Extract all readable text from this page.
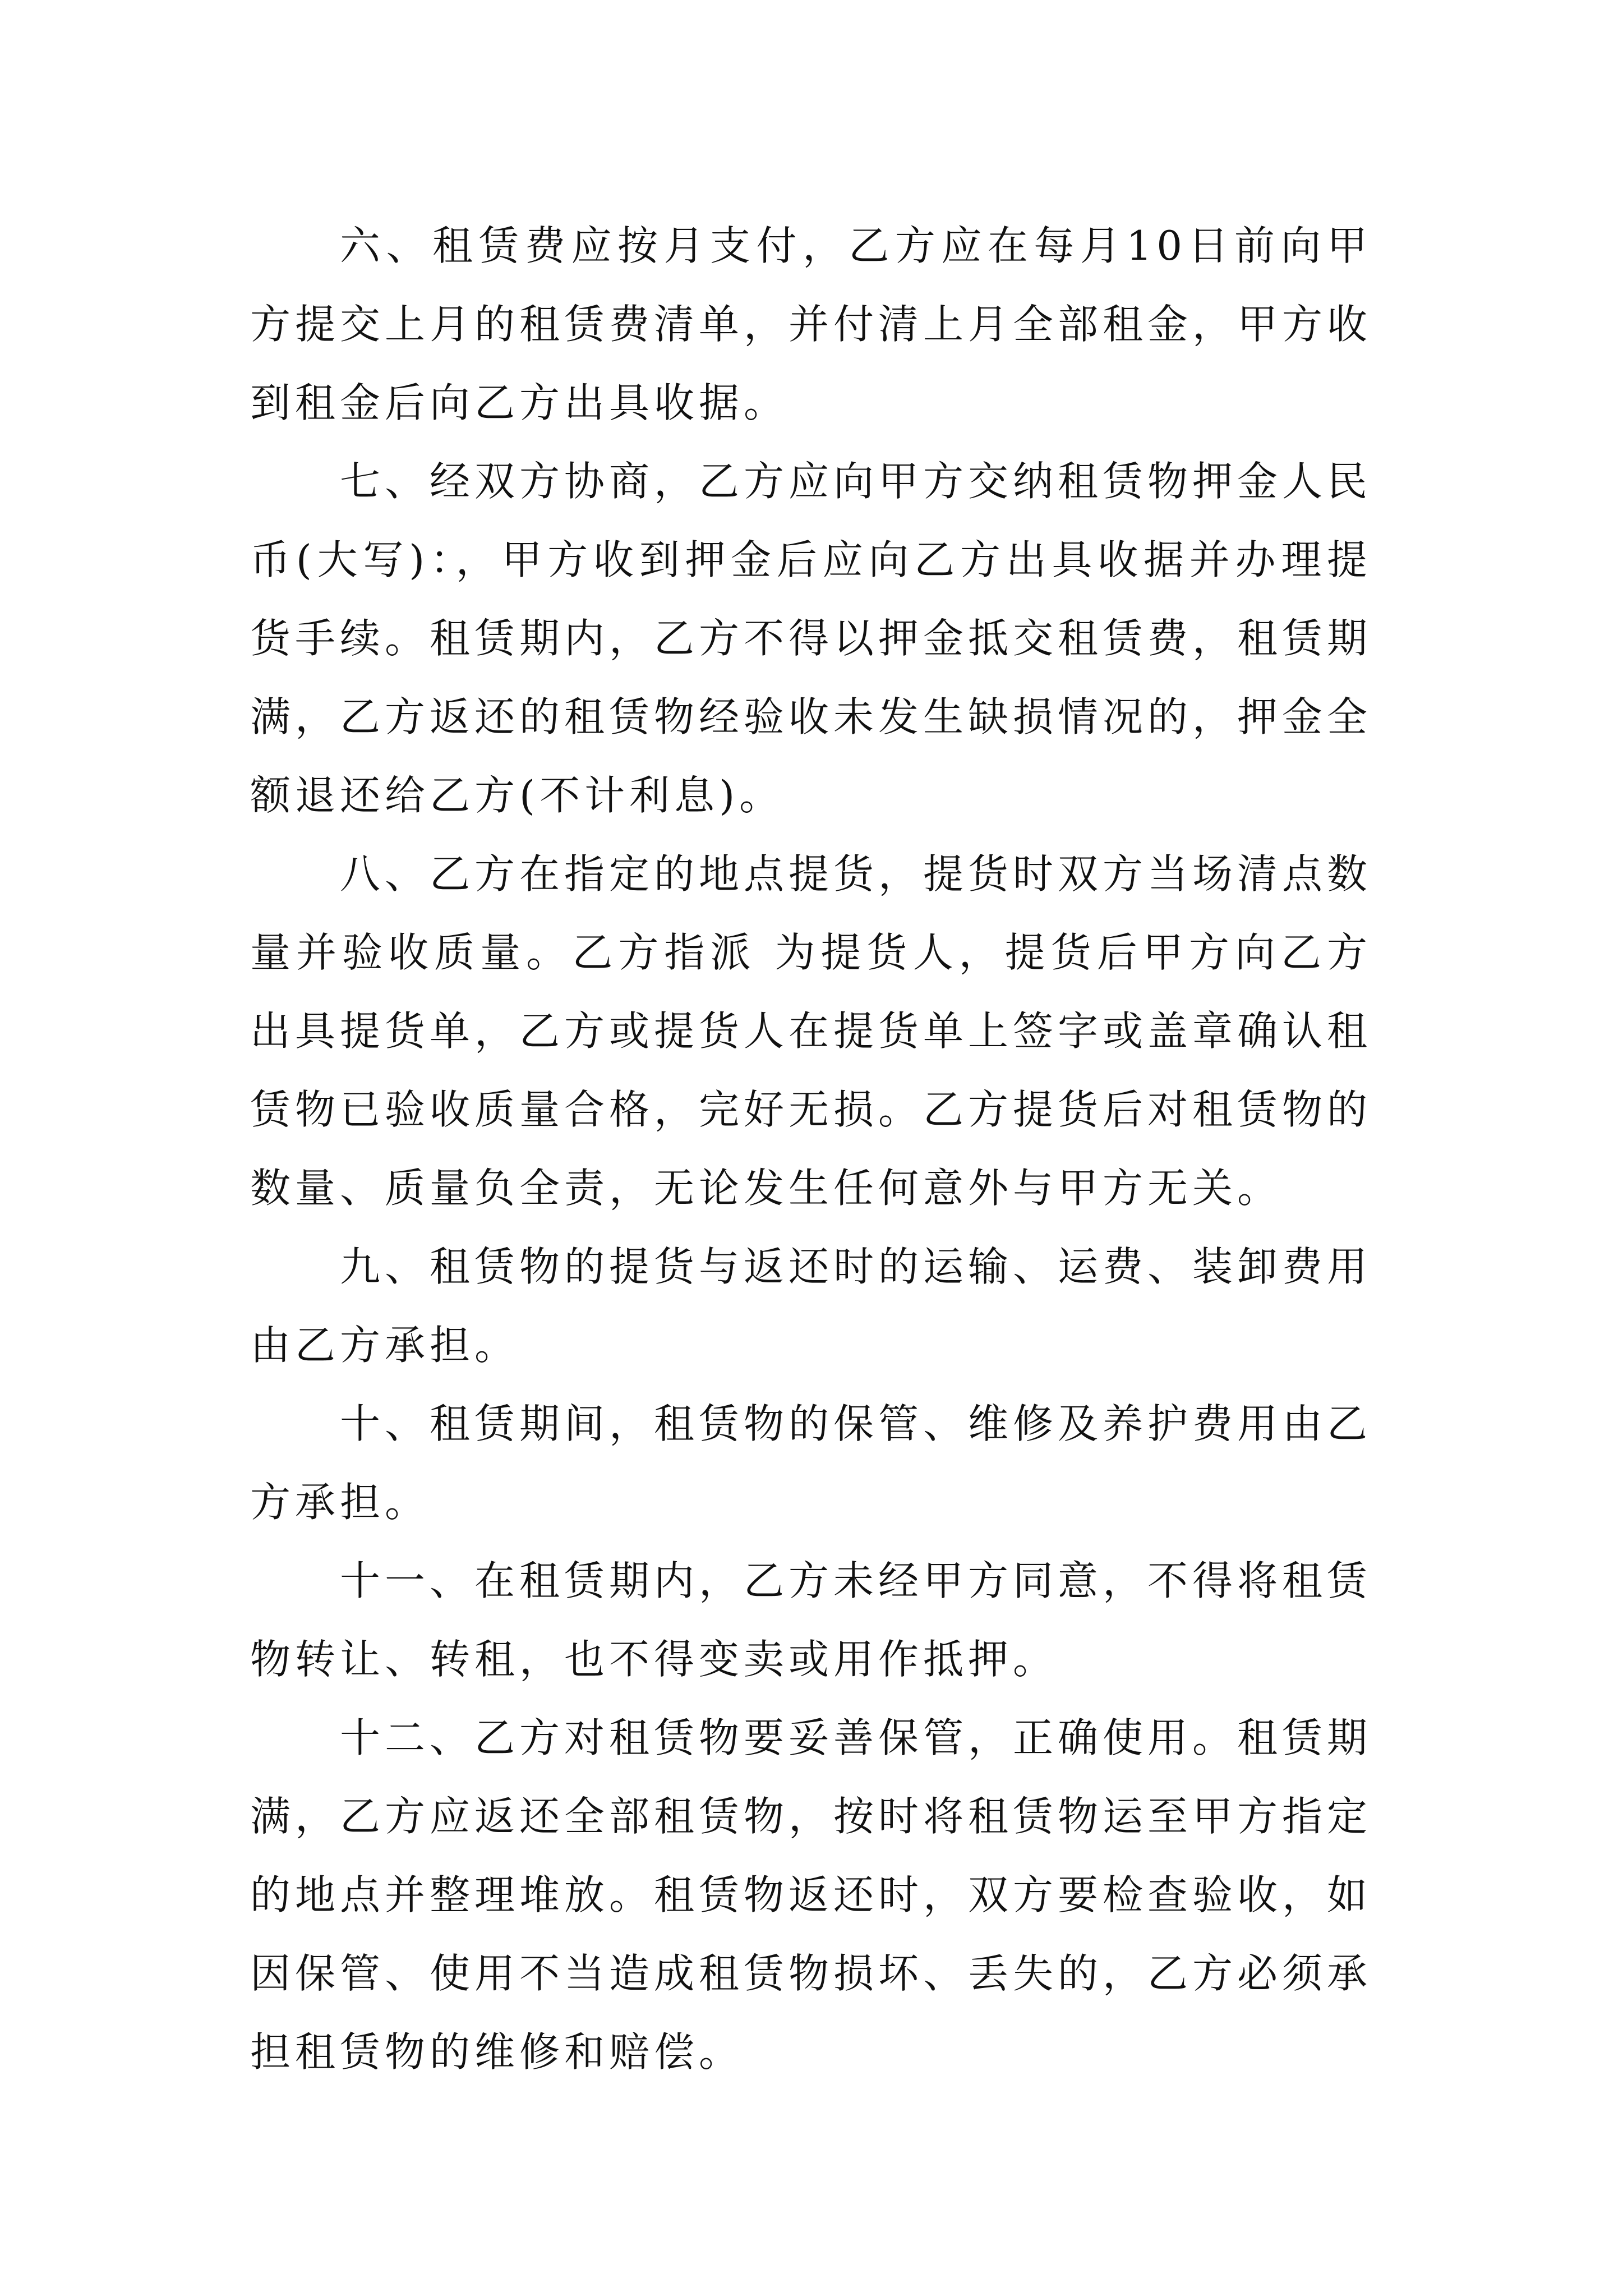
六、租赁费应按月支付，乙方应在每月10日前向甲方提交上月的租赁费清单，并付清上月全部租金，甲方收到租金后向乙方出具收据。

七、经双方协商，乙方应向甲方交纳租赁物押金人民币(大写)：，甲方收到押金后应向乙方出具收据并办理提货手续。租赁期内，乙方不得以押金抵交租赁费，租赁期满，乙方返还的租赁物经验收未发生缺损情况的，押金全额退还给乙方(不计利息)。

八、乙方在指定的地点提货，提货时双方当场清点数量并验收质量。乙方指派 为提货人，提货后甲方向乙方出具提货单，乙方或提货人在提货单上签字或盖章确认租赁物已验收质量合格，完好无损。乙方提货后对租赁物的数量、质量负全责，无论发生任何意外与甲方无关。

九、租赁物的提货与返还时的运输、运费、装卸费用由乙方承担。

十、租赁期间，租赁物的保管、维修及养护费用由乙方承担。

十一、在租赁期内，乙方未经甲方同意，不得将租赁物转让、转租，也不得变卖或用作抵押。

十二、乙方对租赁物要妥善保管，正确使用。租赁期满，乙方应返还全部租赁物，按时将租赁物运至甲方指定的地点并整理堆放。租赁物返还时，双方要检查验收，如因保管、使用不当造成租赁物损坏、丢失的，乙方必须承担租赁物的维修和赔偿。
